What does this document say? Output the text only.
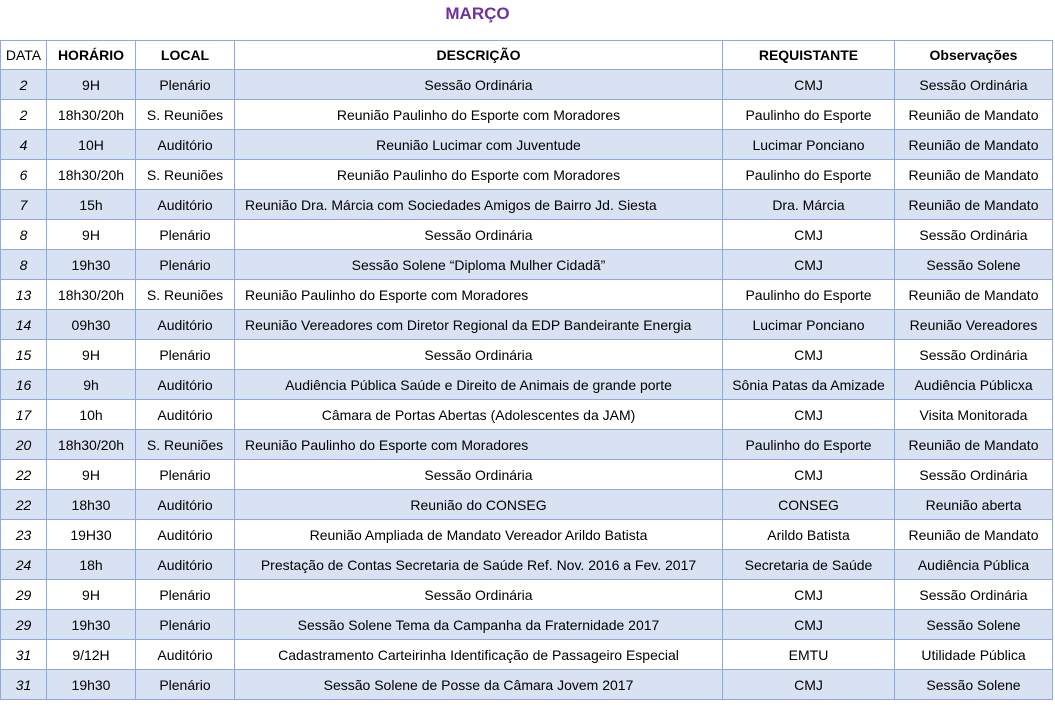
MARÇO
DATA	HORÁRIO	LOCAL	DESCRIÇÃO	REQUISTANTE	Observações
2	9H	Plenário	Sessão Ordinária	CMJ	Sessão Ordinária
2	18h30/20h	S. Reuniões	Reunião Paulinho do Esporte com Moradores	Paulinho do Esporte	Reunião de Mandato
4	10H	Auditório	Reunião Lucimar com Juventude	Lucimar Ponciano	Reunião de Mandato
6	18h30/20h	S. Reuniões	Reunião Paulinho do Esporte com Moradores	Paulinho do Esporte	Reunião de Mandato
7	15h	Auditório	Reunião Dra. Márcia com Sociedades Amigos de Bairro Jd. Siesta	Dra. Márcia	Reunião de Mandato
8	9H	Plenário	Sessão Ordinária	CMJ	Sessão Ordinária
8	19h30	Plenário	Sessão Solene “Diploma Mulher Cidadã”	CMJ	Sessão Solene
13	18h30/20h	S. Reuniões	Reunião Paulinho do Esporte com Moradores	Paulinho do Esporte	Reunião de Mandato
14	09h30	Auditório	Reunião Vereadores com Diretor Regional da EDP Bandeirante Energia	Lucimar Ponciano	Reunião Vereadores
15	9H	Plenário	Sessão Ordinária	CMJ	Sessão Ordinária
16	9h	Auditório	Audiência Pública Saúde e Direito de Animais de grande porte	Sônia Patas da Amizade	Audiência Públicxa
17	10h	Auditório	Câmara de Portas Abertas (Adolescentes da JAM)	CMJ	Visita Monitorada
20	18h30/20h	S. Reuniões	Reunião Paulinho do Esporte com Moradores	Paulinho do Esporte	Reunião de Mandato
22	9H	Plenário	Sessão Ordinária	CMJ	Sessão Ordinária
22	18h30	Auditório	Reunião do CONSEG	CONSEG	Reunião aberta
23	19H30	Auditório	Reunião Ampliada de Mandato Vereador Arildo Batista	Arildo Batista	Reunião de Mandato
24	18h	Auditório	Prestação de Contas Secretaria de Saúde Ref. Nov. 2016 a Fev. 2017	Secretaria de Saúde	Audiência Pública
29	9H	Plenário	Sessão Ordinária	CMJ	Sessão Ordinária
29	19h30	Plenário	Sessão Solene Tema da Campanha da Fraternidade 2017	CMJ	Sessão Solene
31	9/12H	Auditório	Cadastramento Carteirinha Identificação de Passageiro Especial	EMTU	Utilidade Pública
31	19h30	Plenário	Sessão Solene de Posse da Câmara Jovem 2017	CMJ	Sessão Solene
